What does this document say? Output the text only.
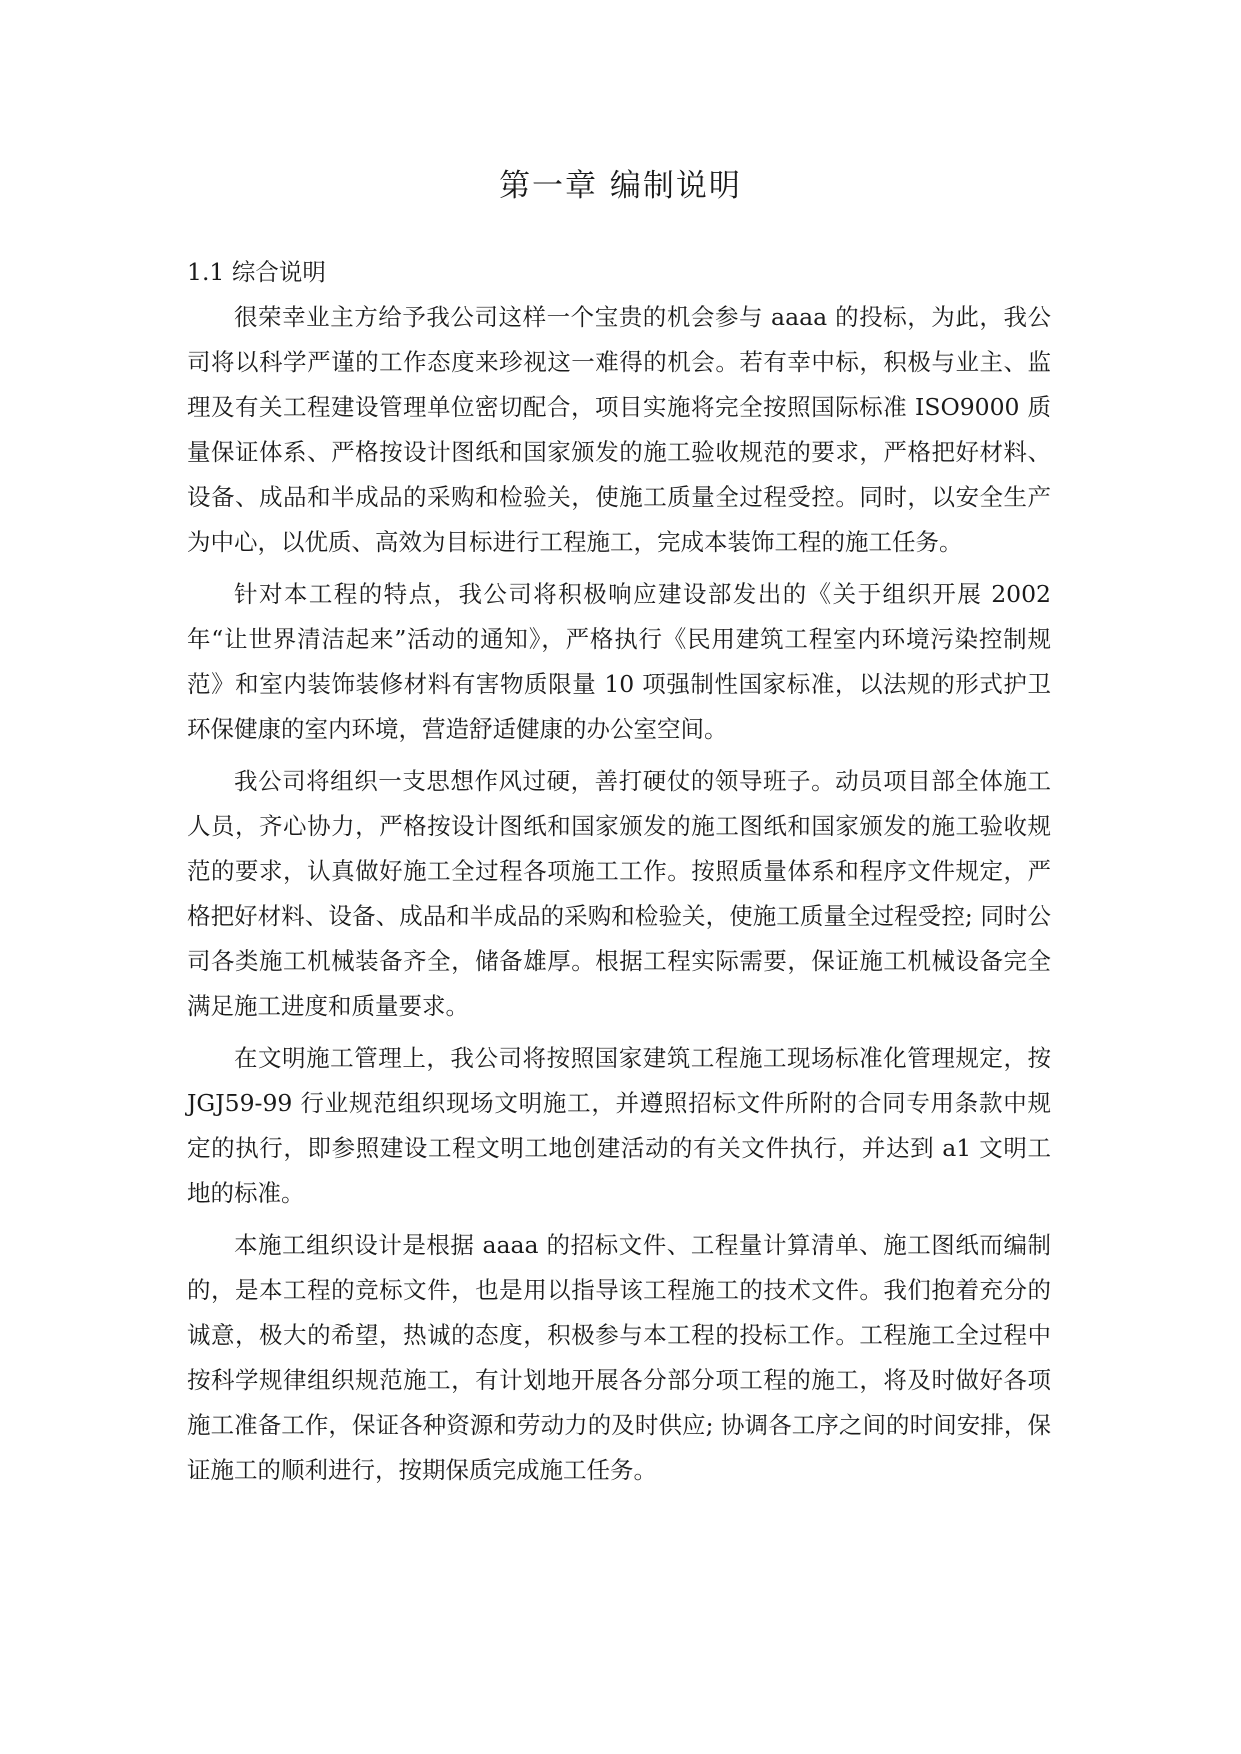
第一章 编制说明
1.1 综合说明

很荣幸业主方给予我公司这样一个宝贵的机会参与 aaaa 的投标，为此，我公司将以科学严谨的工作态度来珍视这一难得的机会。若有幸中标，积极与业主、监理及有关工程建设管理单位密切配合，项目实施将完全按照国际标准 ISO9000 质量保证体系、严格按设计图纸和国家颁发的施工验收规范的要求，严格把好材料、设备、成品和半成品的采购和检验关，使施工质量全过程受控。同时，以安全生产为中心，以优质、高效为目标进行工程施工，完成本装饰工程的施工任务。

针对本工程的特点，我公司将积极响应建设部发出的《关于组织开展 2002 年“让世界清洁起来”活动的通知》，严格执行《民用建筑工程室内环境污染控制规范》和室内装饰装修材料有害物质限量 10 项强制性国家标准，以法规的形式护卫环保健康的室内环境，营造舒适健康的办公室空间。

我公司将组织一支思想作风过硬，善打硬仗的领导班子。动员项目部全体施工人员，齐心协力，严格按设计图纸和国家颁发的施工图纸和国家颁发的施工验收规范的要求，认真做好施工全过程各项施工工作。按照质量体系和程序文件规定，严格把好材料、设备、成品和半成品的采购和检验关，使施工质量全过程受控; 同时公司各类施工机械装备齐全，储备雄厚。根据工程实际需要，保证施工机械设备完全满足施工进度和质量要求。

在文明施工管理上，我公司将按照国家建筑工程施工现场标准化管理规定，按 JGJ59-99 行业规范组织现场文明施工，并遵照招标文件所附的合同专用条款中规定的执行，即参照建设工程文明工地创建活动的有关文件执行，并达到 a1 文明工地的标准。

本施工组织设计是根据 aaaa 的招标文件、工程量计算清单、施工图纸而编制的，是本工程的竞标文件，也是用以指导该工程施工的技术文件。我们抱着充分的诚意，极大的希望，热诚的态度，积极参与本工程的投标工作。工程施工全过程中按科学规律组织规范施工，有计划地开展各分部分项工程的施工，将及时做好各项施工准备工作，保证各种资源和劳动力的及时供应; 协调各工序之间的时间安排，保证施工的顺利进行，按期保质完成施工任务。
